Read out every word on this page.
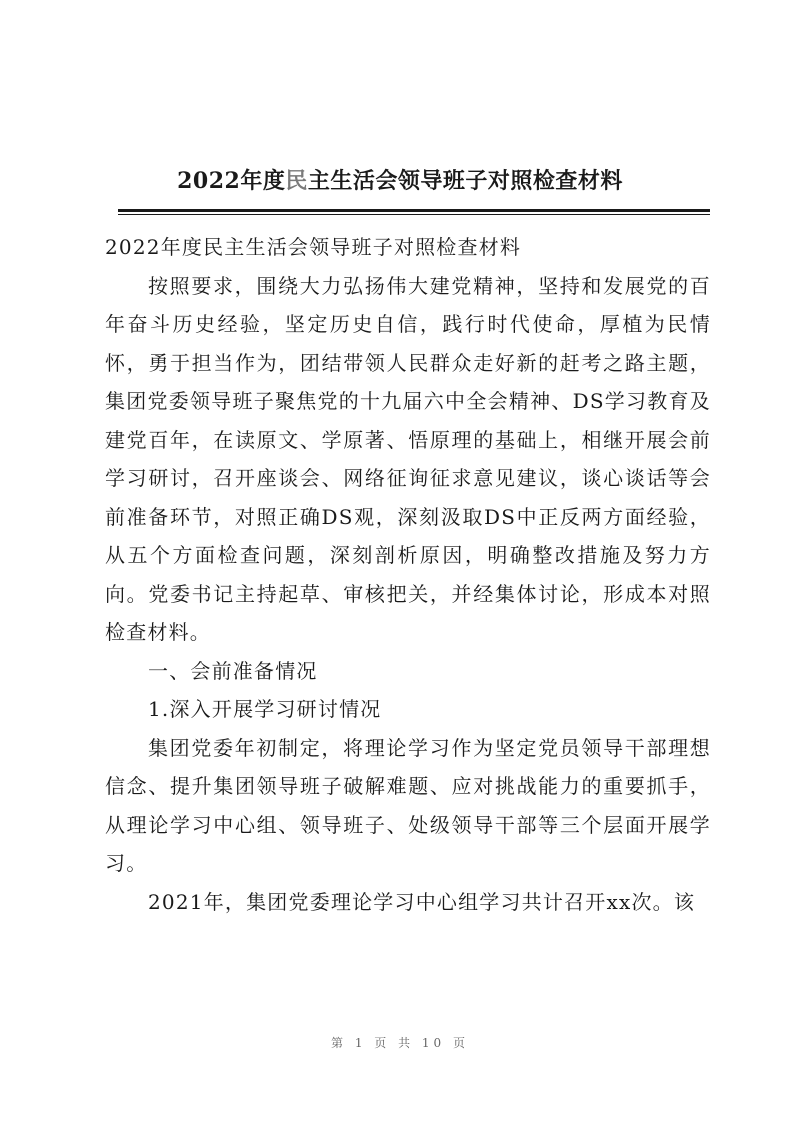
2022年度民主生活会领导班子对照检查材料

2022年度民主生活会领导班子对照检查材料

按照要求，围绕大力弘扬伟大建党精神，坚持和发展党的百年奋斗历史经验，坚定历史自信，践行时代使命，厚植为民情怀，勇于担当作为，团结带领人民群众走好新的赶考之路主题，集团党委领导班子聚焦党的十九届六中全会精神、DS学习教育及建党百年，在读原文、学原著、悟原理的基础上，相继开展会前学习研讨，召开座谈会、网络征询征求意见建议，谈心谈话等会前准备环节，对照正确DS观，深刻汲取DS中正反两方面经验，从五个方面检查问题，深刻剖析原因，明确整改措施及努力方向。党委书记主持起草、审核把关，并经集体讨论，形成本对照检查材料。

一、会前准备情况

1.深入开展学习研讨情况

集团党委年初制定，将理论学习作为坚定党员领导干部理想信念、提升集团领导班子破解难题、应对挑战能力的重要抓手，从理论学习中心组、领导班子、处级领导干部等三个层面开展学习。

2021年，集团党委理论学习中心组学习共计召开xx次。该

第 1 页 共 10 页
